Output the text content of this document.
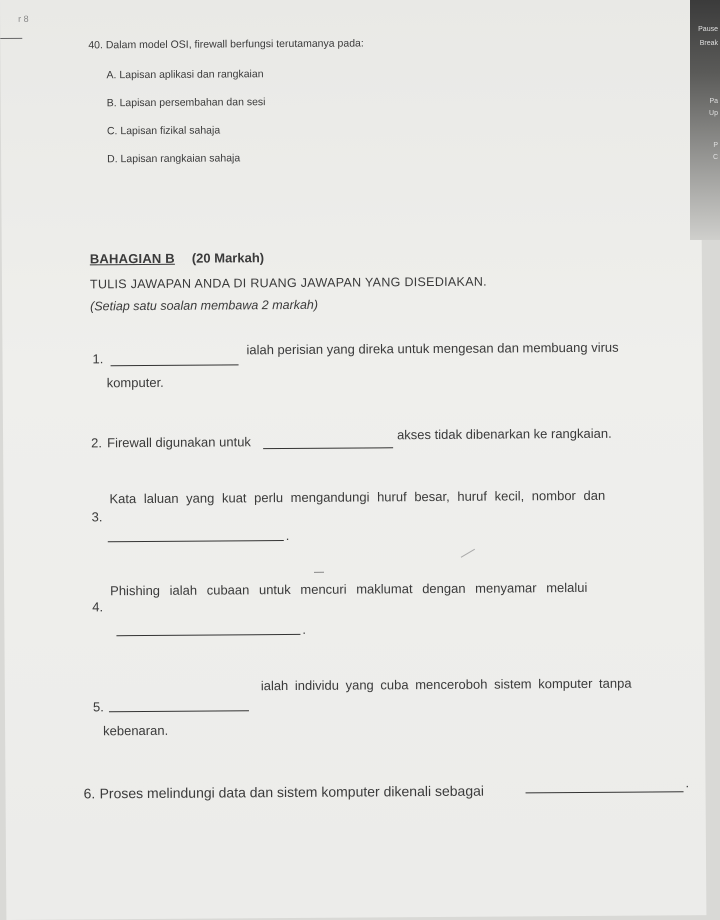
r 8
40. Dalam model OSI, firewall berfungsi terutamanya pada:
A. Lapisan aplikasi dan rangkaian
B. Lapisan persembahan dan sesi
C. Lapisan fizikal sahaja
D. Lapisan rangkaian sahaja
BAHAGIAN B (20 Markah)
TULIS JAWAPAN ANDA DI RUANG JAWAPAN YANG DISEDIAKAN.
(Setiap satu soalan membawa 2 markah)
1.
ialah perisian yang direka untuk mengesan dan membuang virus
komputer.
2. Firewall digunakan untuk
akses tidak dibenarkan ke rangkaian.
3.
Kata laluan yang kuat perlu mengandungi huruf besar, huruf kecil, nombor dan
.
4.
Phishing ialah cubaan untuk mencuri maklumat dengan menyamar melalui
.
5.
ialah individu yang cuba menceroboh sistem komputer tanpa
kebenaran.
6. Proses melindungi data dan sistem komputer dikenali sebagai	.
Pause
Break
Pa
Up
P
C
